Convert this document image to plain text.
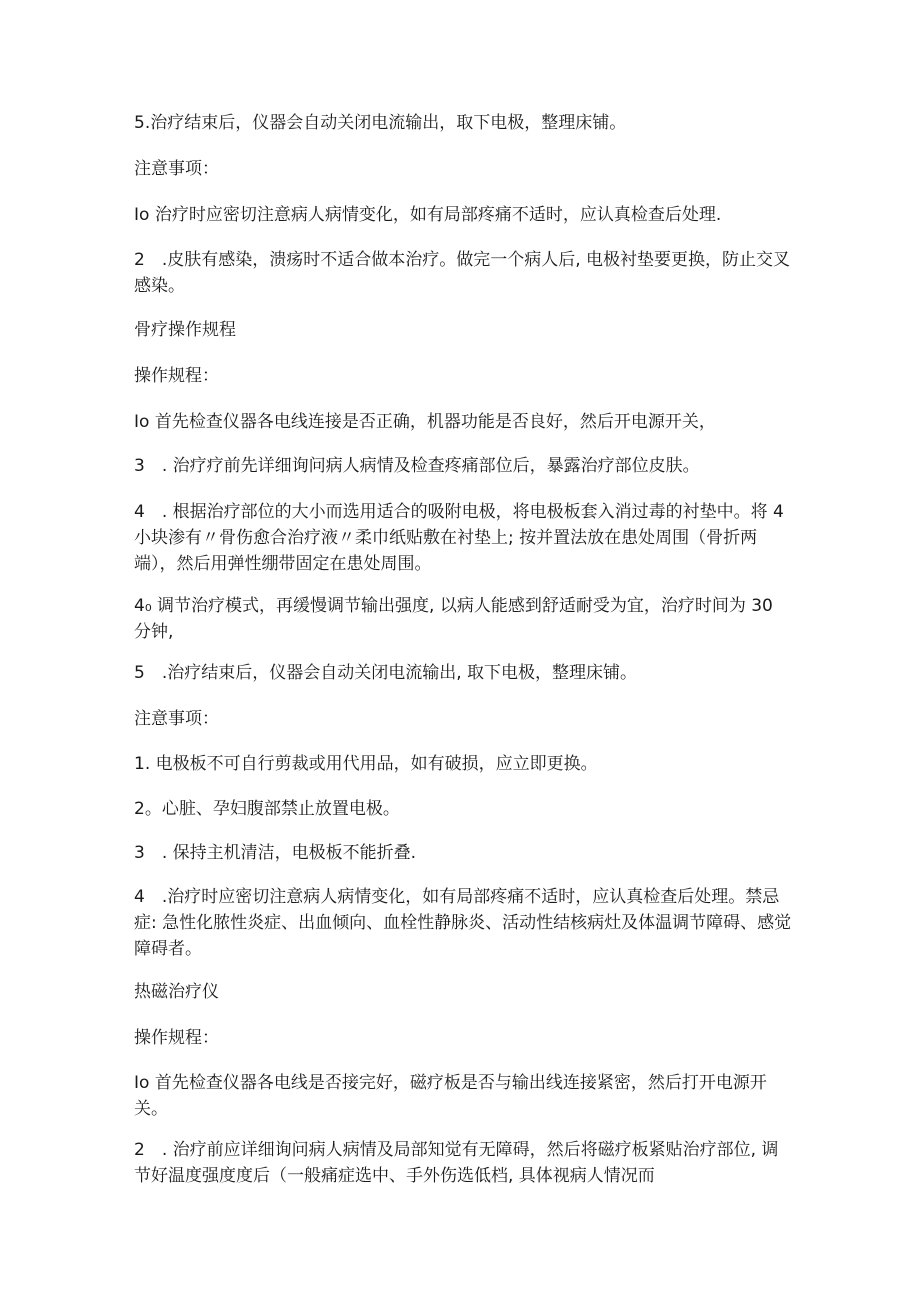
5.治疗结束后，仪器会自动关闭电流输出，取下电极，整理床铺。

注意事项：

Io 治疗时应密切注意病人病情变化，如有局部疼痛不适时，应认真检查后处理.

2　.皮肤有感染，溃疡时不适合做本治疗。做完一个病人后, 电极衬垫要更换，防止交叉感染。

骨疗操作规程

操作规程：

Io 首先检查仪器各电线连接是否正确，机器功能是否良好，然后开电源开关，

3　. 治疗疗前先详细询问病人病情及检查疼痛部位后，暴露治疗部位皮肤。

4　. 根据治疗部位的大小而选用适合的吸附电极，将电极板套入消过毒的衬垫中。将 4 小块渗有〃骨伤愈合治疗液〃柔巾纸贴敷在衬垫上; 按并置法放在患处周围（骨折两端），然后用弹性绷带固定在患处周围。

4₀ 调节治疗模式，再缓慢调节输出强度, 以病人能感到舒适耐受为宜，治疗时间为 30 分钟,

5　.治疗结束后，仪器会自动关闭电流输出, 取下电极，整理床铺。

注意事项：

1. 电极板不可自行剪裁或用代用品，如有破损，应立即更换。

2。心脏、孕妇腹部禁止放置电极。

3　. 保持主机清洁，电极板不能折叠.

4　.治疗时应密切注意病人病情变化，如有局部疼痛不适时，应认真检查后处理。禁忌症: 急性化脓性炎症、出血倾向、血栓性静脉炎、活动性结核病灶及体温调节障碍、感觉障碍者。

热磁治疗仪

操作规程：

Io 首先检查仪器各电线是否接完好，磁疗板是否与输出线连接紧密，然后打开电源开关。

2　. 治疗前应详细询问病人病情及局部知觉有无障碍，然后将磁疗板紧贴治疗部位, 调节好温度强度度后（一般痛症选中、手外伤选低档, 具体视病人情况而
